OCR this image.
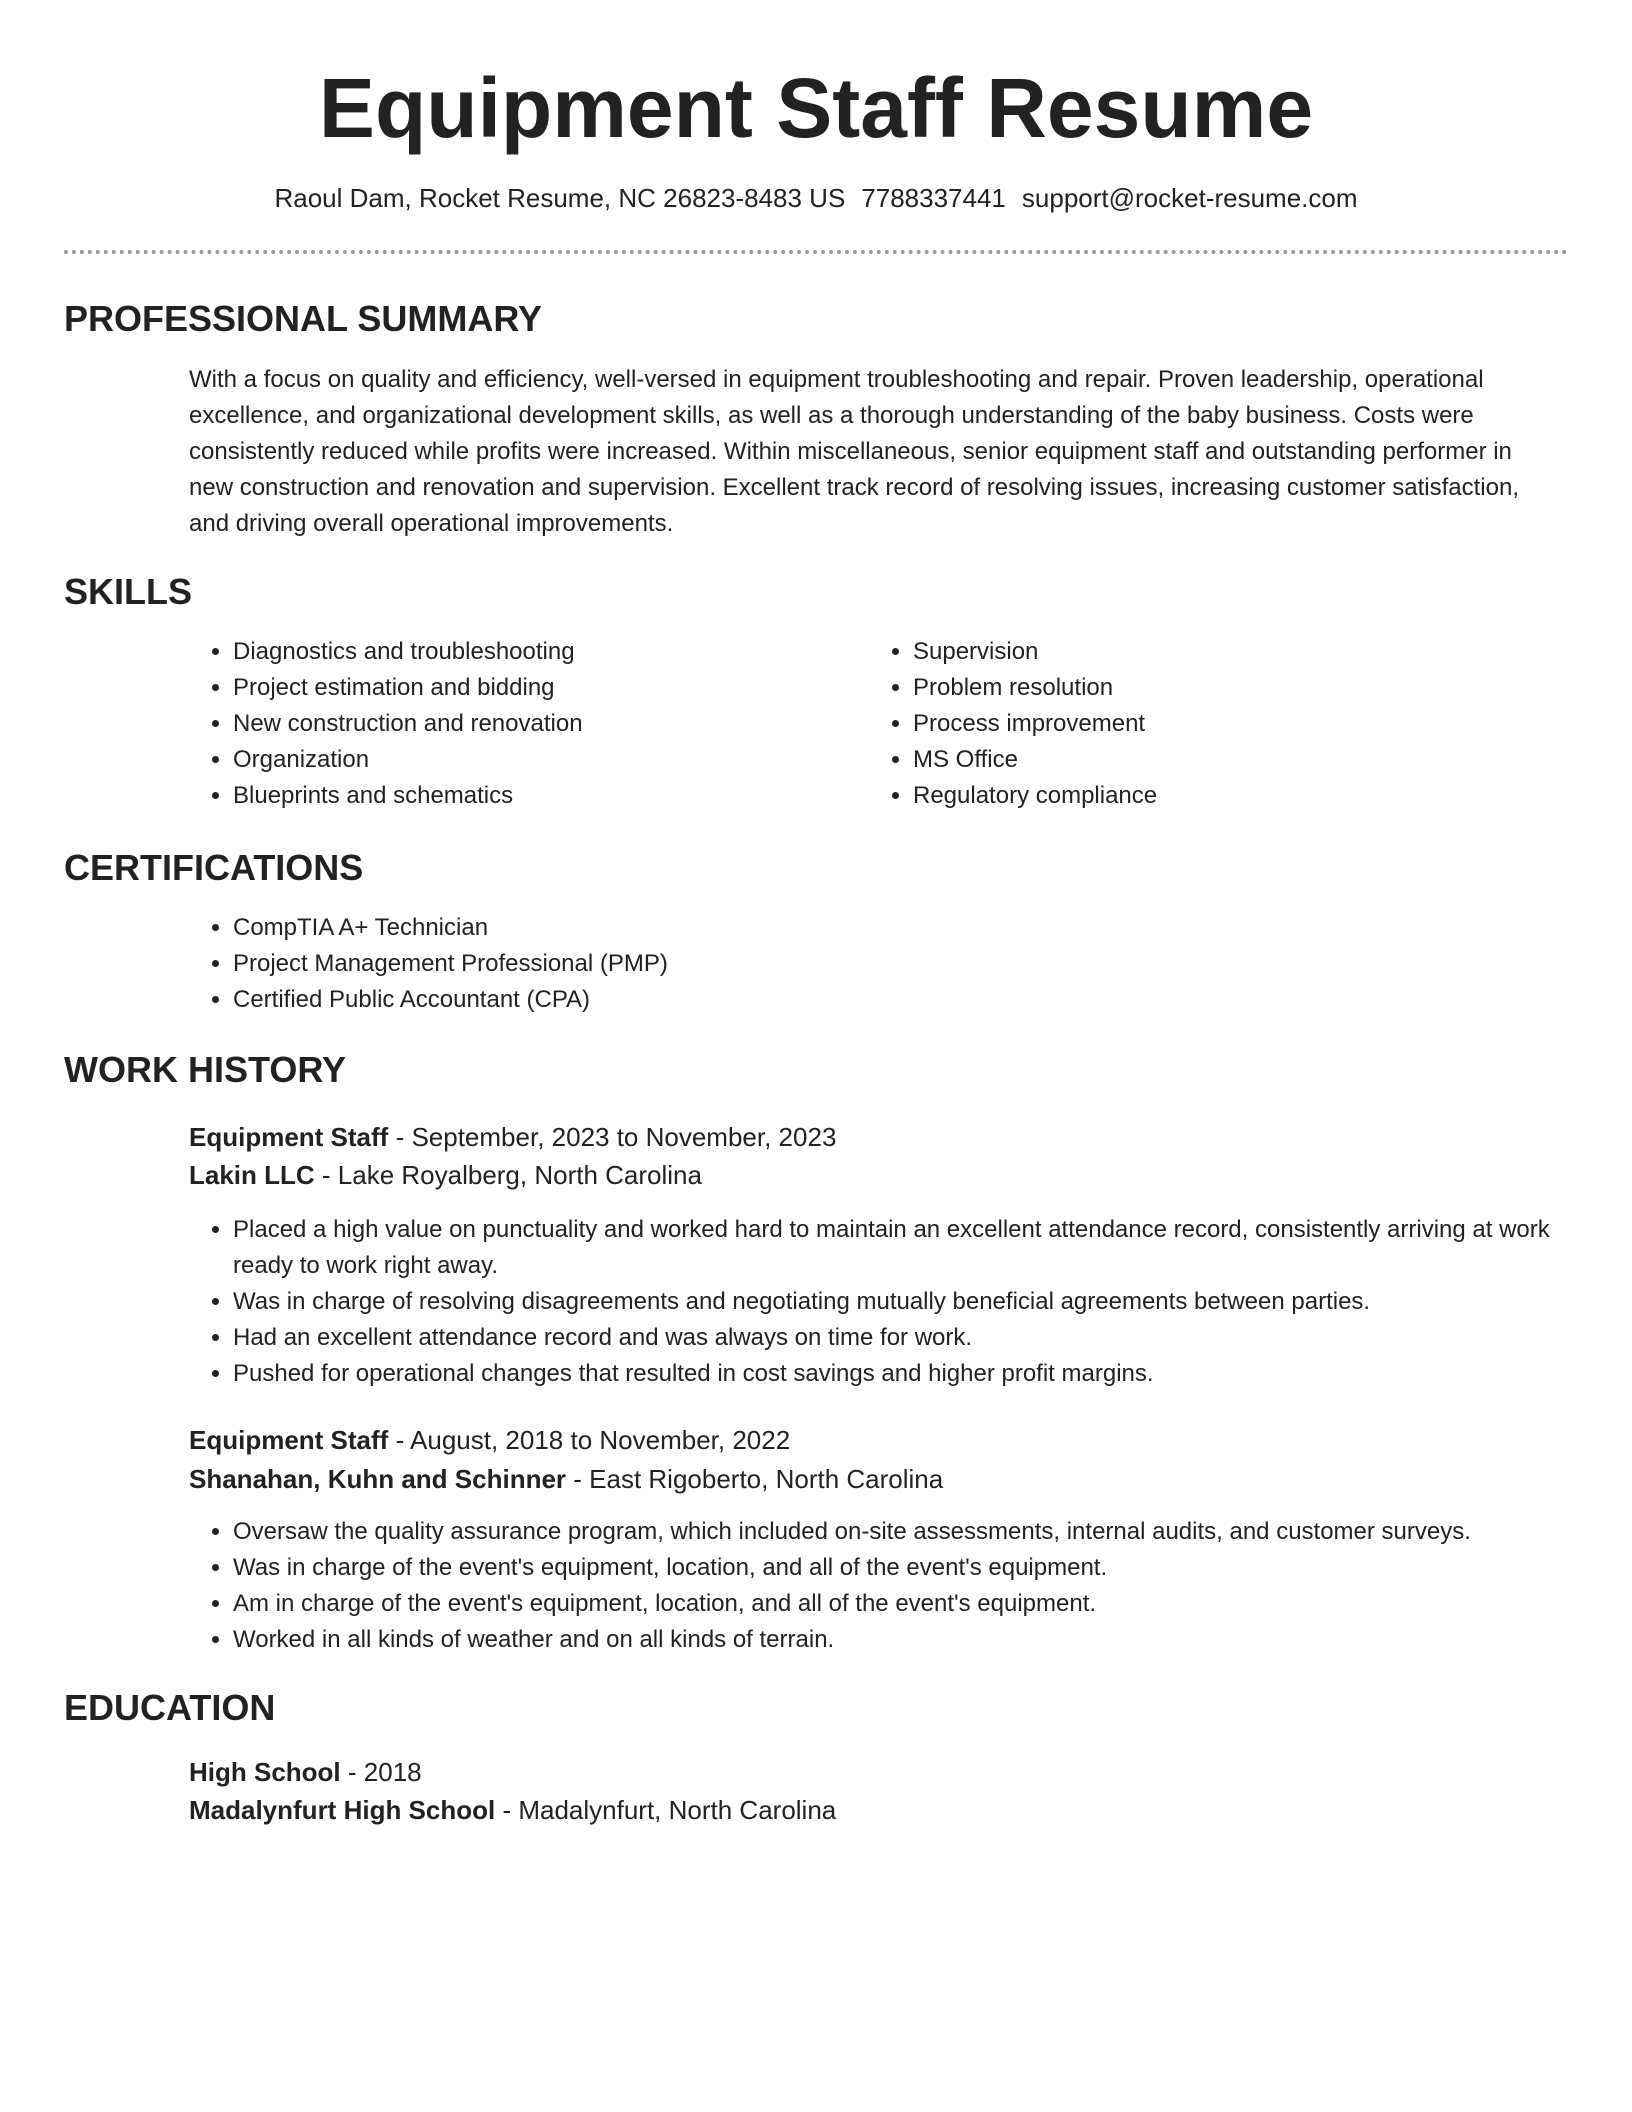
Equipment Staff Resume
Raoul Dam, Rocket Resume, NC 26823-8483 US 7788337441 support@rocket-resume.com
PROFESSIONAL SUMMARY

With a focus on quality and efficiency, well-versed in equipment troubleshooting and repair. Proven leadership, operational excellence, and organizational development skills, as well as a thorough understanding of the baby business. Costs were consistently reduced while profits were increased. Within miscellaneous, senior equipment staff and outstanding performer in new construction and renovation and supervision. Excellent track record of resolving issues, increasing customer satisfaction, and driving overall operational improvements.

SKILLS
• Diagnostics and troubleshooting
• Project estimation and bidding
• New construction and renovation
• Organization
• Blueprints and schematics
• Supervision
• Problem resolution
• Process improvement
• MS Office
• Regulatory compliance
CERTIFICATIONS
• CompTIA A+ Technician
• Project Management Professional (PMP)
• Certified Public Accountant (CPA)
WORK HISTORY
Equipment Staff - September, 2023 to November, 2023
Lakin LLC - Lake Royalberg, North Carolina
• Placed a high value on punctuality and worked hard to maintain an excellent attendance record, consistently arriving at work ready to work right away.
• Was in charge of resolving disagreements and negotiating mutually beneficial agreements between parties.
• Had an excellent attendance record and was always on time for work.
• Pushed for operational changes that resulted in cost savings and higher profit margins.
Equipment Staff - August, 2018 to November, 2022
Shanahan, Kuhn and Schinner - East Rigoberto, North Carolina
• Oversaw the quality assurance program, which included on-site assessments, internal audits, and customer surveys.
• Was in charge of the event's equipment, location, and all of the event's equipment.
• Am in charge of the event's equipment, location, and all of the event's equipment.
• Worked in all kinds of weather and on all kinds of terrain.
EDUCATION
High School - 2018
Madalynfurt High School - Madalynfurt, North Carolina
